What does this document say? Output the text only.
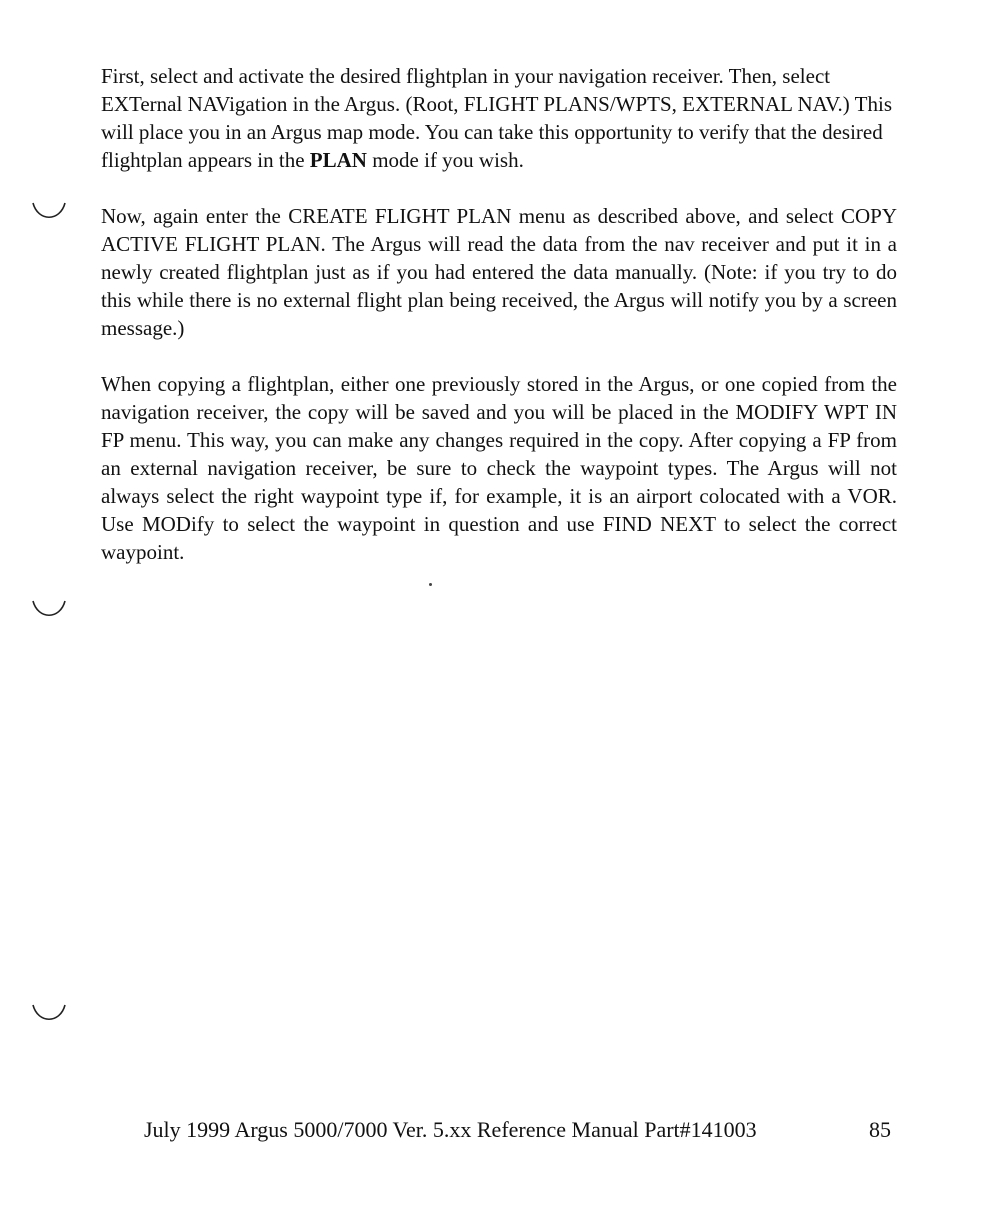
First, select and activate the desired flightplan in your navigation receiver. Then, select EXTernal NAVigation in the Argus. (Root, FLIGHT PLANS/WPTS, EXTERNAL NAV.) This will place you in an Argus map mode. You can take this opportunity to verify that the desired flightplan appears in the PLAN mode if you wish.

Now, again enter the CREATE FLIGHT PLAN menu as described above, and select COPY ACTIVE FLIGHT PLAN. The Argus will read the data from the nav receiver and put it in a newly created flightplan just as if you had entered the data manually. (Note: if you try to do this while there is no external flight plan being received, the Argus will notify you by a screen message.)

When copying a flightplan, either one previously stored in the Argus, or one copied from the navigation receiver, the copy will be saved and you will be placed in the MODIFY WPT IN FP menu. This way, you can make any changes required in the copy. After copying a FP from an external navigation receiver, be sure to check the waypoint types. The Argus will not always select the right waypoint type if, for example, it is an airport colocated with a VOR. Use MODify to select the waypoint in question and use FIND NEXT to select the correct waypoint.

July 1999 Argus 5000/7000 Ver. 5.xx Reference Manual Part#141003	85
